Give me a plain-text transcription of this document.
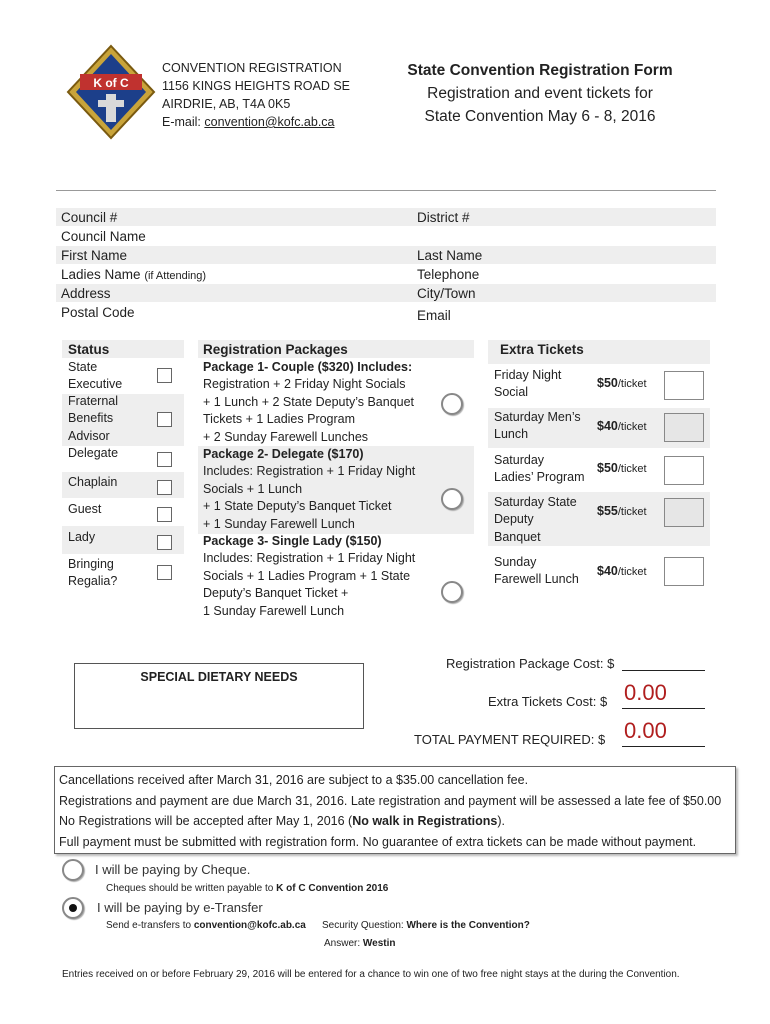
K of C
CONVENTION REGISTRATION
1156 KINGS HEIGHTS ROAD SE
AIRDRIE, AB, T4A 0K5
E-mail: convention@kofc.ab.ca
State Convention Registration Form
Registration and event tickets for
State Convention May 6 - 8, 2016
Council #	District #
Council Name
First Name	Last Name
Ladies Name (if Attending)	Telephone
Address	City/Town
Postal Code	Email
Status
State Executive
Fraternal Benefits Advisor
Delegate
Chaplain
Guest
Lady
Bringing Regalia?
Registration Packages
Package 1- Couple ($320) Includes:
Registration + 2 Friday Night Socials
+ 1 Lunch + 2 State Deputy’s Banquet
Tickets + 1 Ladies Program
+ 2 Sunday Farewell Lunches
Package 2- Delegate ($170)
Includes: Registration + 1 Friday Night
Socials + 1 Lunch
+ 1 State Deputy’s Banquet Ticket
+ 1 Sunday Farewell Lunch
Package 3- Single Lady ($150)
Includes: Registration + 1 Friday Night
Socials + 1 Ladies Program + 1 State
Deputy’s Banquet Ticket +
1 Sunday Farewell Lunch
Extra Tickets
Friday Night
Social
$50/ticket
Saturday Men’s
Lunch
$40/ticket
Saturday
Ladies’ Program
$50/ticket
Saturday State
Deputy
Banquet
$55/ticket
Sunday
Farewell Lunch
$40/ticket
SPECIAL DIETARY NEEDS
Registration Package Cost: $
Extra Tickets Cost: $ 0.00
TOTAL PAYMENT REQUIRED: $ 0.00
Cancellations received after March 31, 2016 are subject to a $35.00 cancellation fee.
Registrations and payment are due March 31, 2016. Late registration and payment will be assessed a late fee of $50.00
No Registrations will be accepted after May 1, 2016 (No walk in Registrations).
Full payment must be submitted with registration form. No guarantee of extra tickets can be made without payment.
I will be paying by Cheque.
Cheques should be written payable to K of C Convention 2016
I will be paying by e-Transfer
Send e-transfers to convention@kofc.ab.ca Security Question: Where is the Convention?
Answer: Westin
Entries received on or before February 29, 2016 will be entered for a chance to win one of two free night stays at the during the Convention.
